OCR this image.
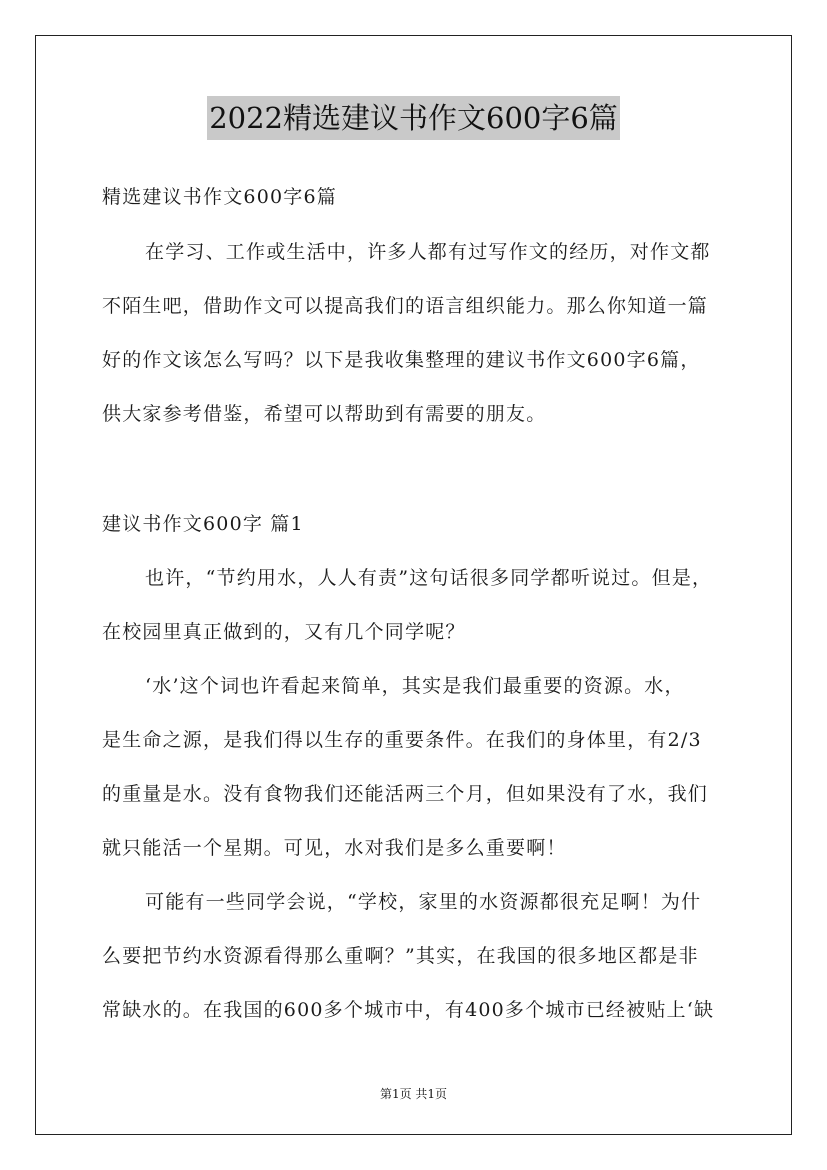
2022精选建议书作文600字6篇
精选建议书作文600字6篇
在学习、工作或生活中，许多人都有过写作文的经历，对作文都
不陌生吧，借助作文可以提高我们的语言组织能力。那么你知道一篇
好的作文该怎么写吗？以下是我收集整理的建议书作文600字6篇，
供大家参考借鉴，希望可以帮助到有需要的朋友。
建议书作文600字 篇1
也许，“节约用水，人人有责”这句话很多同学都听说过。但是，
在校园里真正做到的，又有几个同学呢？
‘水’这个词也许看起来简单，其实是我们最重要的资源。水，
是生命之源，是我们得以生存的重要条件。在我们的身体里，有2/3
的重量是水。没有食物我们还能活两三个月，但如果没有了水，我们
就只能活一个星期。可见，水对我们是多么重要啊！
可能有一些同学会说，“学校，家里的水资源都很充足啊！为什
么要把节约水资源看得那么重啊？”其实，在我国的很多地区都是非
常缺水的。在我国的600多个城市中，有400多个城市已经被贴上‘缺
第1页 共1页
